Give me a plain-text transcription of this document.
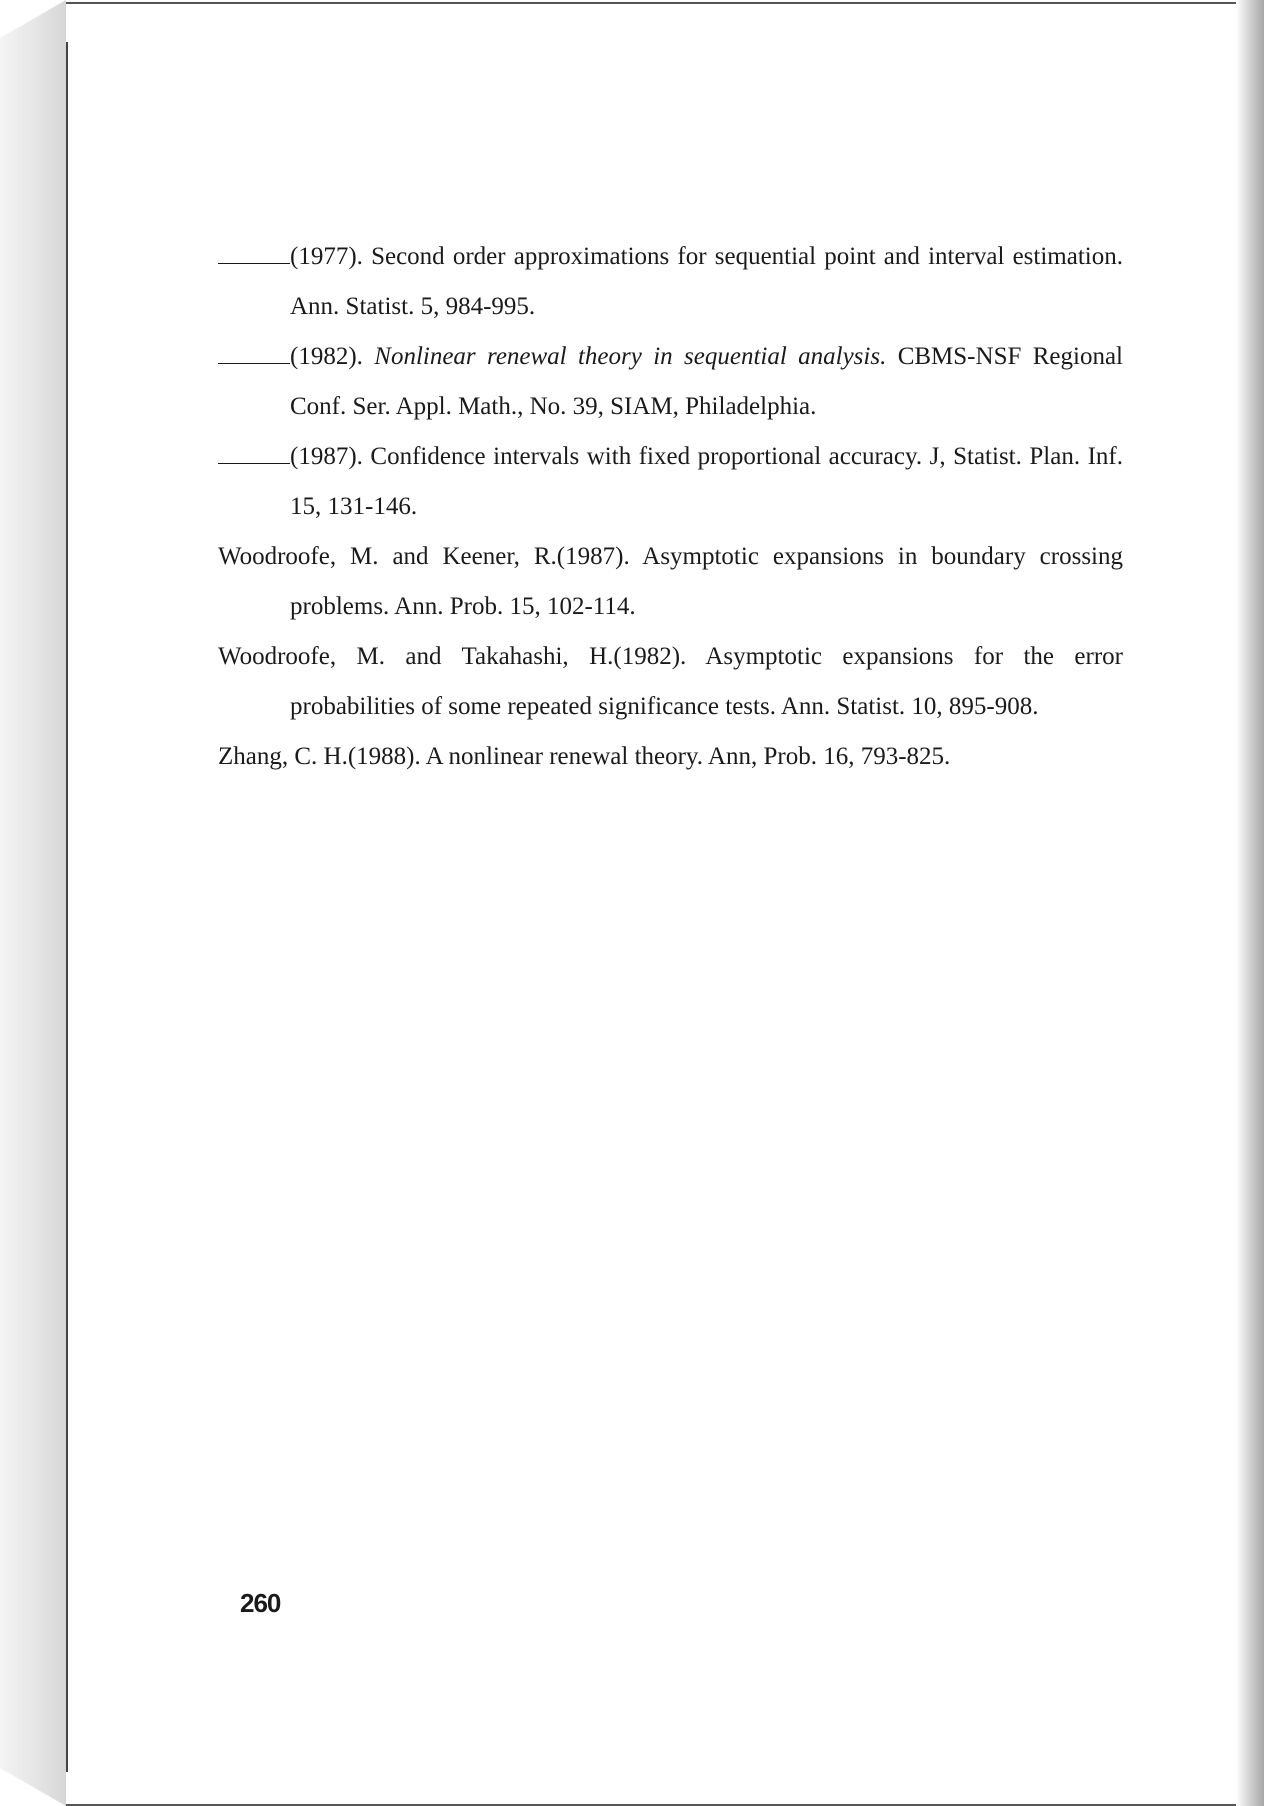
(1977). Second order approximations for sequential point and interval estimation. Ann. Statist. 5, 984-995.

(1982). Nonlinear renewal theory in sequential analysis. CBMS-NSF Regional Conf. Ser. Appl. Math., No. 39, SIAM, Philadelphia.

(1987). Confidence intervals with fixed proportional accuracy. J, Statist. Plan. Inf. 15, 131-146.

Woodroofe, M. and Keener, R.(1987). Asymptotic expansions in boundary crossing problems. Ann. Prob. 15, 102-114.

Woodroofe, M. and Takahashi, H.(1982). Asymptotic expansions for the error probabilities of some repeated significance tests. Ann. Statist. 10, 895-908.

Zhang, C. H.(1988). A nonlinear renewal theory. Ann, Prob. 16, 793-825.

260
